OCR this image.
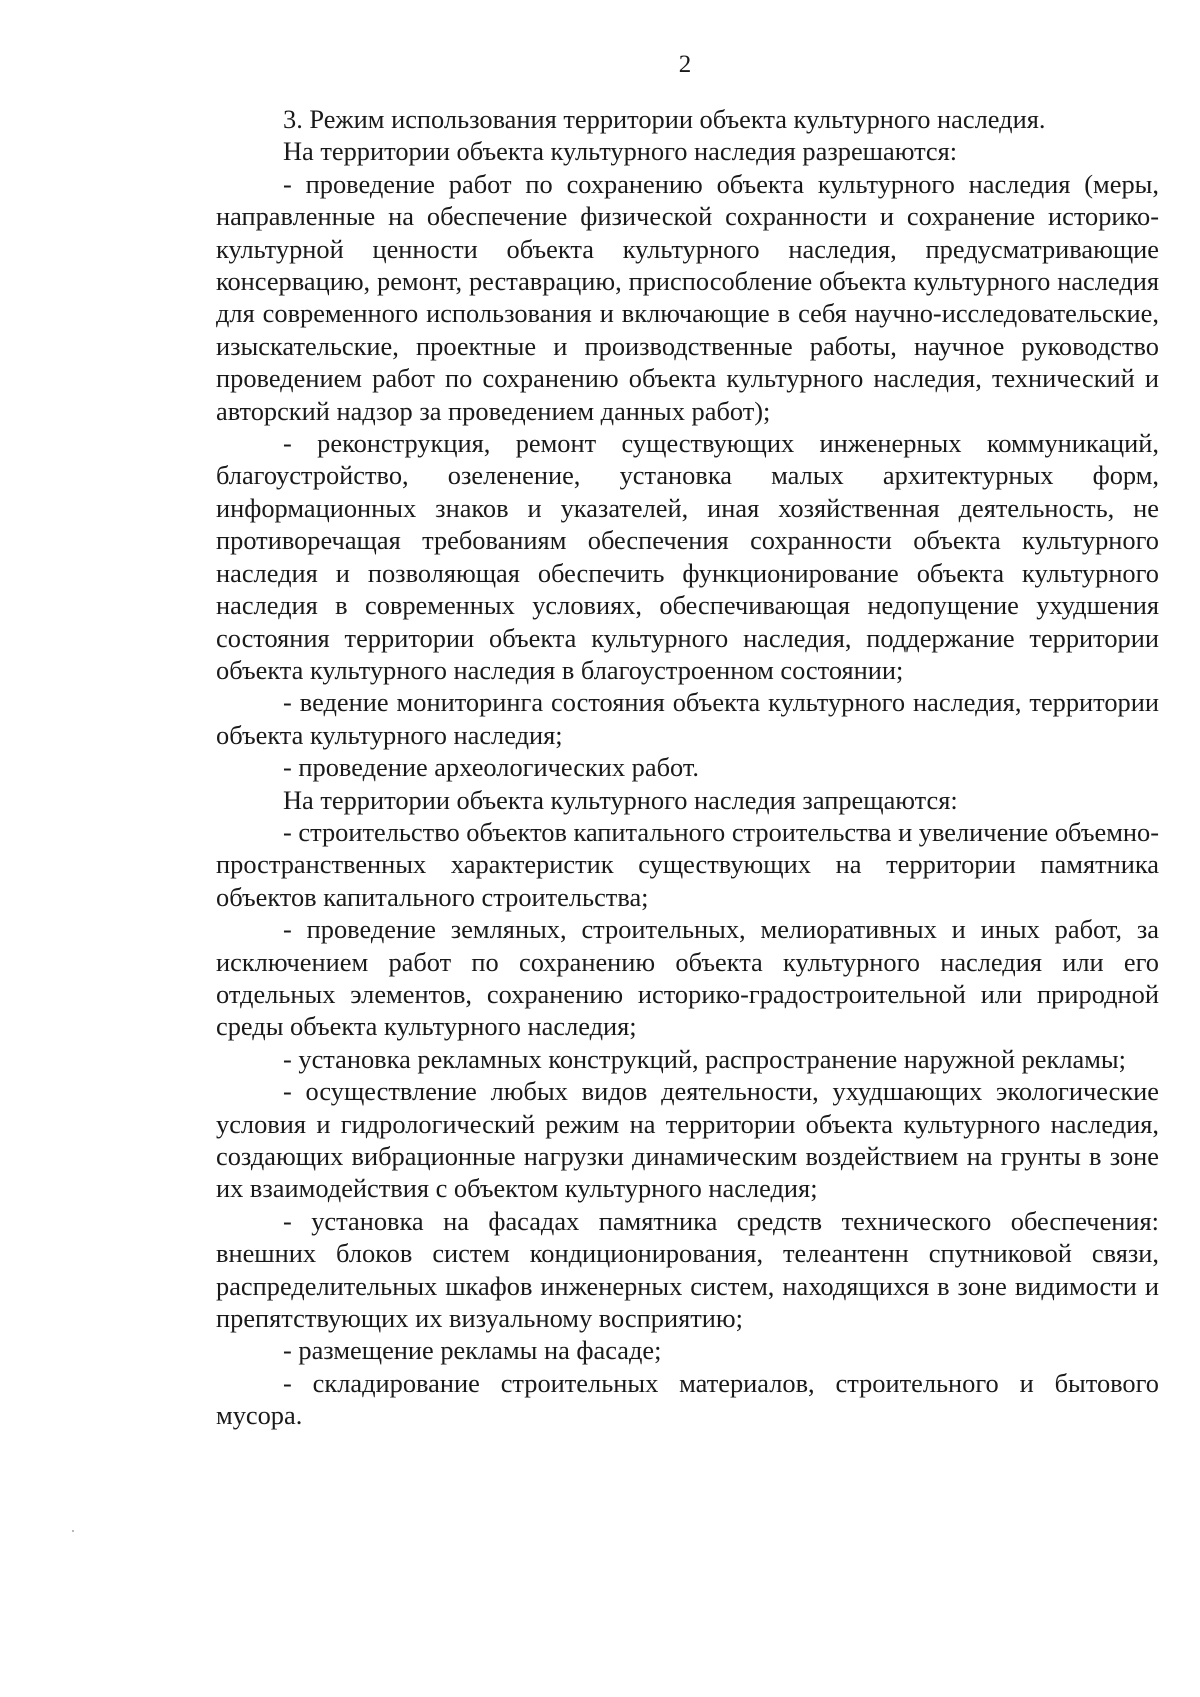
2

3. Режим использования территории объекта культурного наследия.

На территории объекта культурного наследия разрешаются:

- проведение работ по сохранению объекта культурного наследия (меры, направленные на обеспечение физической сохранности и сохранение историко-культурной ценности объекта культурного наследия, предусматривающие консервацию, ремонт, реставрацию, приспособление объекта культурного наследия для современного использования и включающие в себя научно-исследовательские, изыскательские, проектные и производственные работы, научное руководство проведением работ по сохранению объекта культурного наследия, технический и авторский надзор за проведением данных работ);

- реконструкция, ремонт существующих инженерных коммуникаций, благоустройство, озеленение, установка малых архитектурных форм, информационных знаков и указателей, иная хозяйственная деятельность, не противоречащая требованиям обеспечения сохранности объекта культурного наследия и позволяющая обеспечить функционирование объекта культурного наследия в современных условиях, обеспечивающая недопущение ухудшения состояния территории объекта культурного наследия, поддержание территории объекта культурного наследия в благоустроенном состоянии;

- ведение мониторинга состояния объекта культурного наследия, территории объекта культурного наследия;

- проведение археологических работ.

На территории объекта культурного наследия запрещаются:

- строительство объектов капитального строительства и увеличение объемно-пространственных характеристик существующих на территории памятника объектов капитального строительства;

- проведение земляных, строительных, мелиоративных и иных работ, за исключением работ по сохранению объекта культурного наследия или его отдельных элементов, сохранению историко-градостроительной или природной среды объекта культурного наследия;

- установка рекламных конструкций, распространение наружной рекламы;

- осуществление любых видов деятельности, ухудшающих экологические условия и гидрологический режим на территории объекта культурного наследия, создающих вибрационные нагрузки динамическим воздействием на грунты в зоне их взаимодействия с объектом культурного наследия;

- установка на фасадах памятника средств технического обеспечения: внешних блоков систем кондиционирования, телеантенн спутниковой связи, распределительных шкафов инженерных систем, находящихся в зоне видимости и препятствующих их визуальному восприятию;

- размещение рекламы на фасаде;

- складирование строительных материалов, строительного и бытового мусора.
